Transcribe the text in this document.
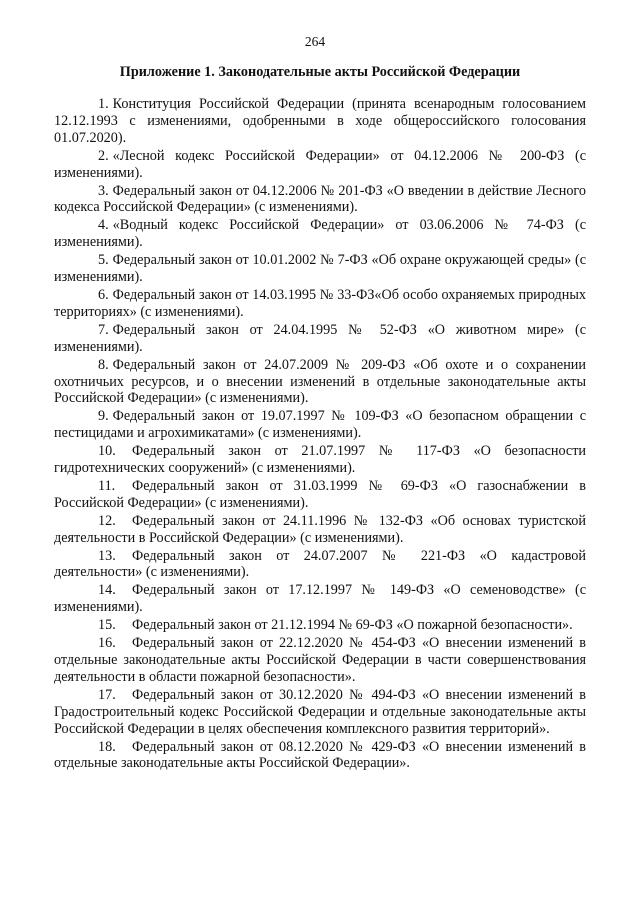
264
Приложение 1. Законодательные акты Российской Федерации
1. Конституция Российской Федерации (принята всенародным голосованием 12.12.1993 с изменениями, одобренными в ходе общероссийского голосования 01.07.2020).
2. «Лесной кодекс Российской Федерации» от 04.12.2006 № 200-ФЗ (с изменениями).
3. Федеральный закон от 04.12.2006 № 201-ФЗ «О введении в действие Лесного кодекса Российской Федерации» (с изменениями).
4. «Водный кодекс Российской Федерации» от 03.06.2006 № 74-ФЗ (с изменениями).
5. Федеральный закон от 10.01.2002 № 7-ФЗ «Об охране окружающей среды» (с изменениями).
6. Федеральный закон от 14.03.1995 № 33-ФЗ«Об особо охраняемых природных территориях» (с изменениями).
7. Федеральный закон от 24.04.1995 № 52-ФЗ «О животном мире» (с изменениями).
8. Федеральный закон от 24.07.2009 № 209-ФЗ «Об охоте и о сохранении охотничьих ресурсов, и о внесении изменений в отдельные законодательные акты Российской Федерации» (с изменениями).
9. Федеральный закон от 19.07.1997 № 109-ФЗ «О безопасном обращении с пестицидами и агрохимикатами» (с изменениями).
10. Федеральный закон от 21.07.1997 № 117-ФЗ «О безопасности гидротехнических сооружений» (с изменениями).
11. Федеральный закон от 31.03.1999 № 69-ФЗ «О газоснабжении в Российской Федерации» (с изменениями).
12. Федеральный закон от 24.11.1996 № 132-ФЗ «Об основах туристской деятельности в Российской Федерации» (с изменениями).
13. Федеральный закон от 24.07.2007 № 221-ФЗ «О кадастровой деятельности» (с изменениями).
14. Федеральный закон от 17.12.1997 № 149-ФЗ «О семеноводстве» (с изменениями).
15. Федеральный закон от 21.12.1994 № 69-ФЗ «О пожарной безопасности».
16. Федеральный закон от 22.12.2020 № 454-ФЗ «О внесении изменений в отдельные законодательные акты Российской Федерации в части совершенствования деятельности в области пожарной безопасности».
17. Федеральный закон от 30.12.2020 № 494-ФЗ «О внесении изменений в Градостроительный кодекс Российской Федерации и отдельные законодательные акты Российской Федерации в целях обеспечения комплексного развития территорий».
18. Федеральный закон от 08.12.2020 № 429-ФЗ «О внесении изменений в отдельные законодательные акты Российской Федерации».
